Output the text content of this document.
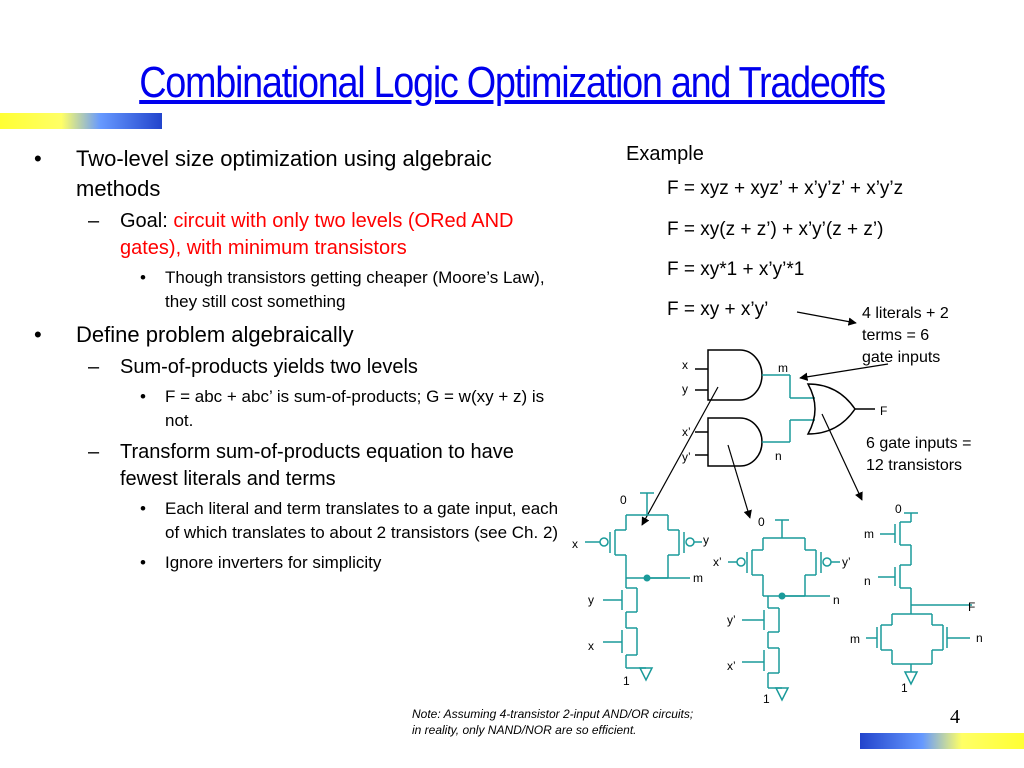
Combinational Logic Optimization and Tradeoffs
• Two-level size optimization using algebraic methods
– Goal: circuit with only two levels (ORed AND gates), with minimum transistors
• Though transistors getting cheaper (Moore’s Law), they still cost something
• Define problem algebraically
– Sum-of-products yields two levels
• F = abc + abc’ is sum-of-products; G = w(xy + z) is not.
– Transform sum-of-products equation to have fewest literals and terms
• Each literal and term translates to a gate input, each of which translates to about 2 transistors (see Ch. 2)
• Ignore inverters for simplicity
Example
F = xyz + xyz’ + x’y’z’ + x’y’z
F = xy(z + z’) + x’y’(z + z’)
F = xy*1 + x’y’*1
F = xy + x’y’	4 literals + 2
terms = 6
gate inputs
6 gate inputs =
12 transistors
x
y
m
x’
y’	n
F
0
x	y
m
y
x
1
0
x’	y’
n
y’
x’
1
0
m
n
F
m	n
1
Note: Assuming 4-transistor 2-input AND/OR circuits;
in reality, only NAND/NOR are so efficient.
4
